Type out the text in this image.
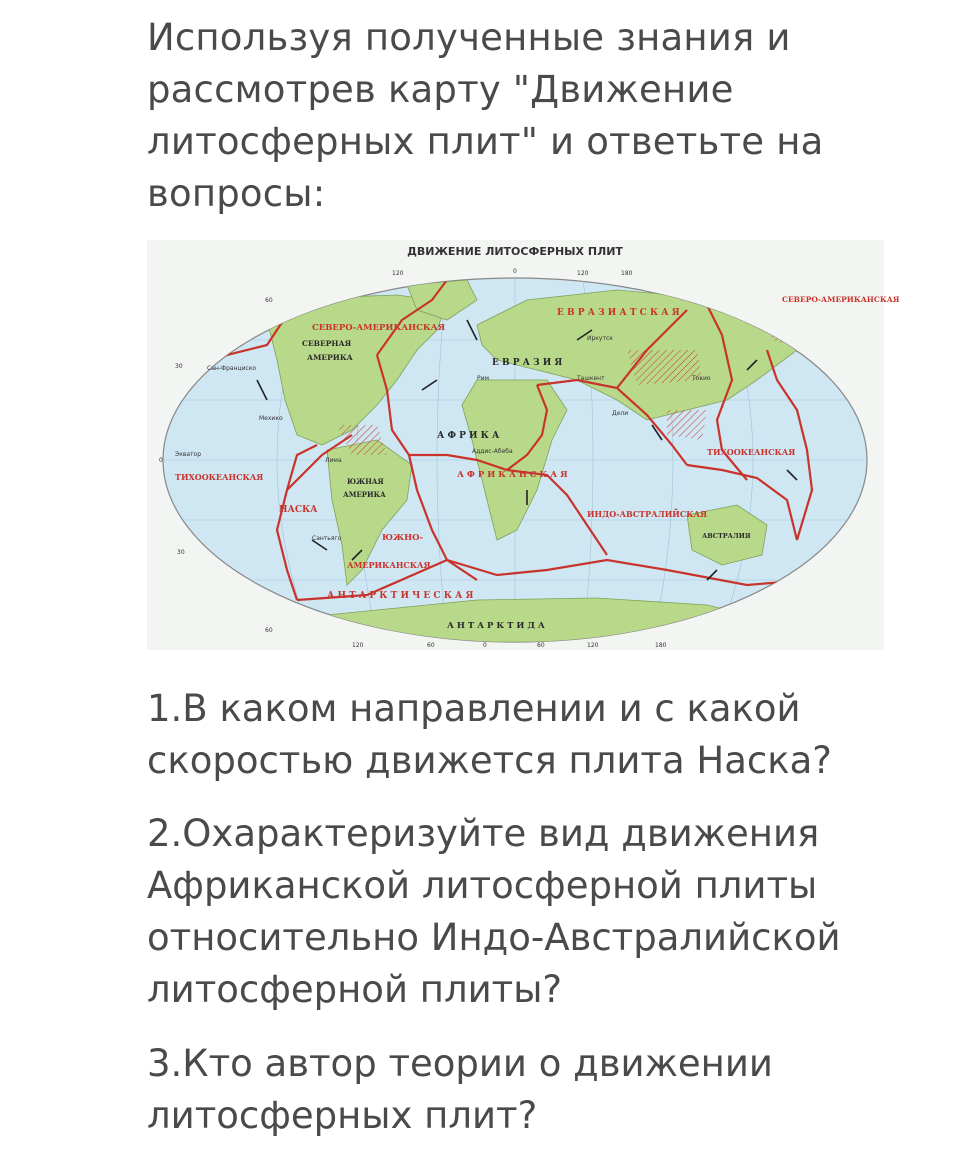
Используя полученные знания и рассмотрев карту "Движение литосферных плит" и ответьте на вопросы:

ДВИЖЕНИЕ ЛИТОСФЕРНЫХ ПЛИТ
60
30
0
30
60
120	0	120	180
120	60	0	60	120	180
Экватор
СЕВЕРО-АМЕРИКАНСКАЯ
СЕВЕРО-АМЕРИКАНСКАЯ
Е В Р А З И А Т С К А Я
А Ф Р И К А Н С К А Я
ТИХООКЕАНСКАЯ
ТИХООКЕАНСКАЯ
НАСКА
ЮЖНО-
АМЕРИКАНСКАЯ
ИНДО-АВСТРАЛИЙСКАЯ
А Н Т А Р К Т И Ч Е С К А Я
СЕВЕРНАЯ
АМЕРИКА
Е В Р А З И Я
А Ф Р И К А
ЮЖНАЯ
АМЕРИКА
АВСТРАЛИЯ
А Н Т А Р К Т И Д А
Сан-Франциско
Мехико
Лима
Сантьяго
Рим
Иркутск
Ташкент
Дели
Токио
Аддис-Абеба

1.В каком направлении и с какой скоростью движется плита Наска?

2.Охарактеризуйте вид движения Африканской литосферной плиты относительно Индо-Австралийской литосферной плиты?

3.Кто автор теории о движении литосферных плит?
